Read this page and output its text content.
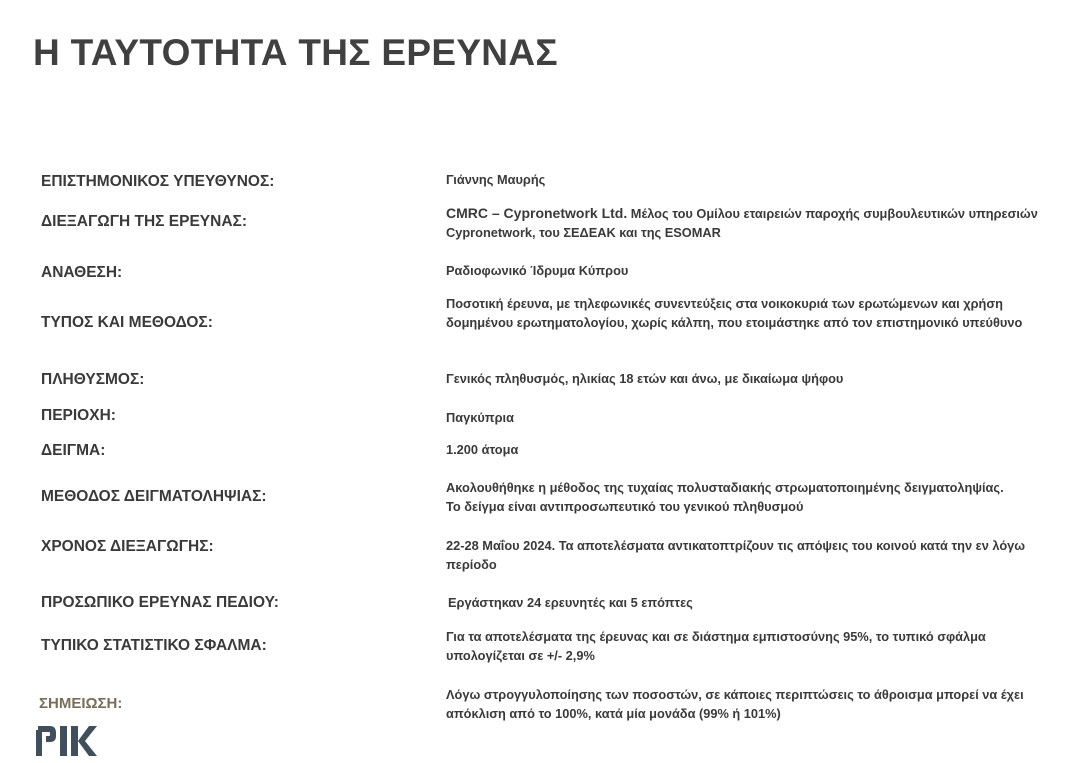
Η ΤΑΥΤΟΤΗΤΑ ΤΗΣ ΕΡΕΥΝΑΣ
ΕΠΙΣΤΗΜΟΝΙΚΟΣ ΥΠΕΥΘΥΝΟΣ:	Γιάννης Μαυρής
ΔΙΕΞΑΓΩΓΗ ΤΗΣ ΕΡΕΥΝΑΣ:	CMRC – Cypronetwork Ltd. Μέλος του Ομίλου εταιρειών παροχής συμβουλευτικών υπηρεσιών Cypronetwork, του ΣΕΔΕΑΚ και της ESOMAR
ΑΝΑΘΕΣΗ:	Ραδιοφωνικό Ίδρυμα Κύπρου
ΤΥΠΟΣ ΚΑΙ ΜΕΘΟΔΟΣ:
Ποσοτική έρευνα, με τηλεφωνικές συνεντεύξεις στα νοικοκυριά των ερωτώμενων και χρήση δομημένου ερωτηματολογίου, χωρίς κάλπη, που ετοιμάστηκε από τον επιστημονικό υπεύθυνο
ΠΛΗΘΥΣΜΟΣ:	Γενικός πληθυσμός, ηλικίας 18 ετών και άνω, με δικαίωμα ψήφου
ΠΕΡΙΟΧΗ:	Παγκύπρια
ΔΕΙΓΜΑ:	1.200 άτομα
ΜΕΘΟΔΟΣ ΔΕΙΓΜΑΤΟΛΗΨΙΑΣ:
Ακολουθήθηκε η μέθοδος της τυχαίας πολυσταδιακής στρωματοποιημένης δειγματοληψίας. Το δείγμα είναι αντιπροσωπευτικό του γενικού πληθυσμού
ΧΡΟΝΟΣ ΔΙΕΞΑΓΩΓΗΣ:	22-28 Μαΐου 2024. Τα αποτελέσματα αντικατοπτρίζουν τις απόψεις του κοινού κατά την εν λόγω περίοδο
ΠΡΟΣΩΠΙΚΟ ΕΡΕΥΝΑΣ ΠΕΔΙΟΥ:	Εργάστηκαν 24 ερευνητές και 5 επόπτες
ΤΥΠΙΚΟ ΣΤΑΤΙΣΤΙΚΟ ΣΦΑΛΜΑ:
Για τα αποτελέσματα της έρευνας και σε διάστημα εμπιστοσύνης 95%, το τυπικό σφάλμα υπολογίζεται σε +/- 2,9%
ΣΗΜΕΙΩΣΗ:
Λόγω στρογγυλοποίησης των ποσοστών, σε κάποιες περιπτώσεις το άθροισμα μπορεί να έχει απόκλιση από το 100%, κατά μία μονάδα (99% ή 101%)
